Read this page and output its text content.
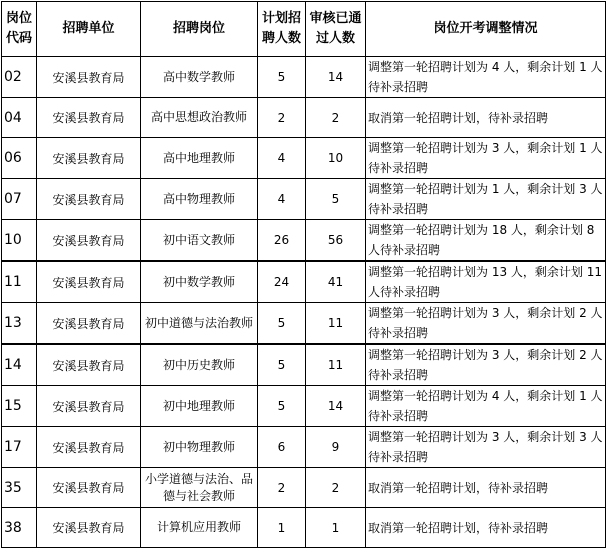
岗位代码	招聘单位	招聘岗位	计划招聘人数	审核已通过人数	岗位开考调整情况
02	安溪县教育局	高中数学教师	5	14	调整第一轮招聘计划为 4 人，剩余计划 1 人待补录招聘
04	安溪县教育局	高中思想政治教师	2	2	取消第一轮招聘计划，待补录招聘
06	安溪县教育局	高中地理教师	4	10	调整第一轮招聘计划为 3 人，剩余计划 1 人待补录招聘
07	安溪县教育局	高中物理教师	4	5	调整第一轮招聘计划为 1 人，剩余计划 3 人待补录招聘
10	安溪县教育局	初中语文教师	26	56	调整第一轮招聘计划为 18 人，剩余计划 8 人待补录招聘
11	安溪县教育局	初中数学教师	24	41	调整第一轮招聘计划为 13 人，剩余计划 11 人待补录招聘
13	安溪县教育局	初中道德与法治教师	5	11	调整第一轮招聘计划为 3 人，剩余计划 2 人待补录招聘
14	安溪县教育局	初中历史教师	5	11	调整第一轮招聘计划为 3 人，剩余计划 2 人待补录招聘
15	安溪县教育局	初中地理教师	5	14	调整第一轮招聘计划为 4 人，剩余计划 1 人待补录招聘
17	安溪县教育局	初中物理教师	6	9	调整第一轮招聘计划为 3 人，剩余计划 3 人待补录招聘
35	安溪县教育局	小学道德与法治、品德与社会教师	2	2	取消第一轮招聘计划，待补录招聘
38	安溪县教育局	计算机应用教师	1	1	取消第一轮招聘计划，待补录招聘
